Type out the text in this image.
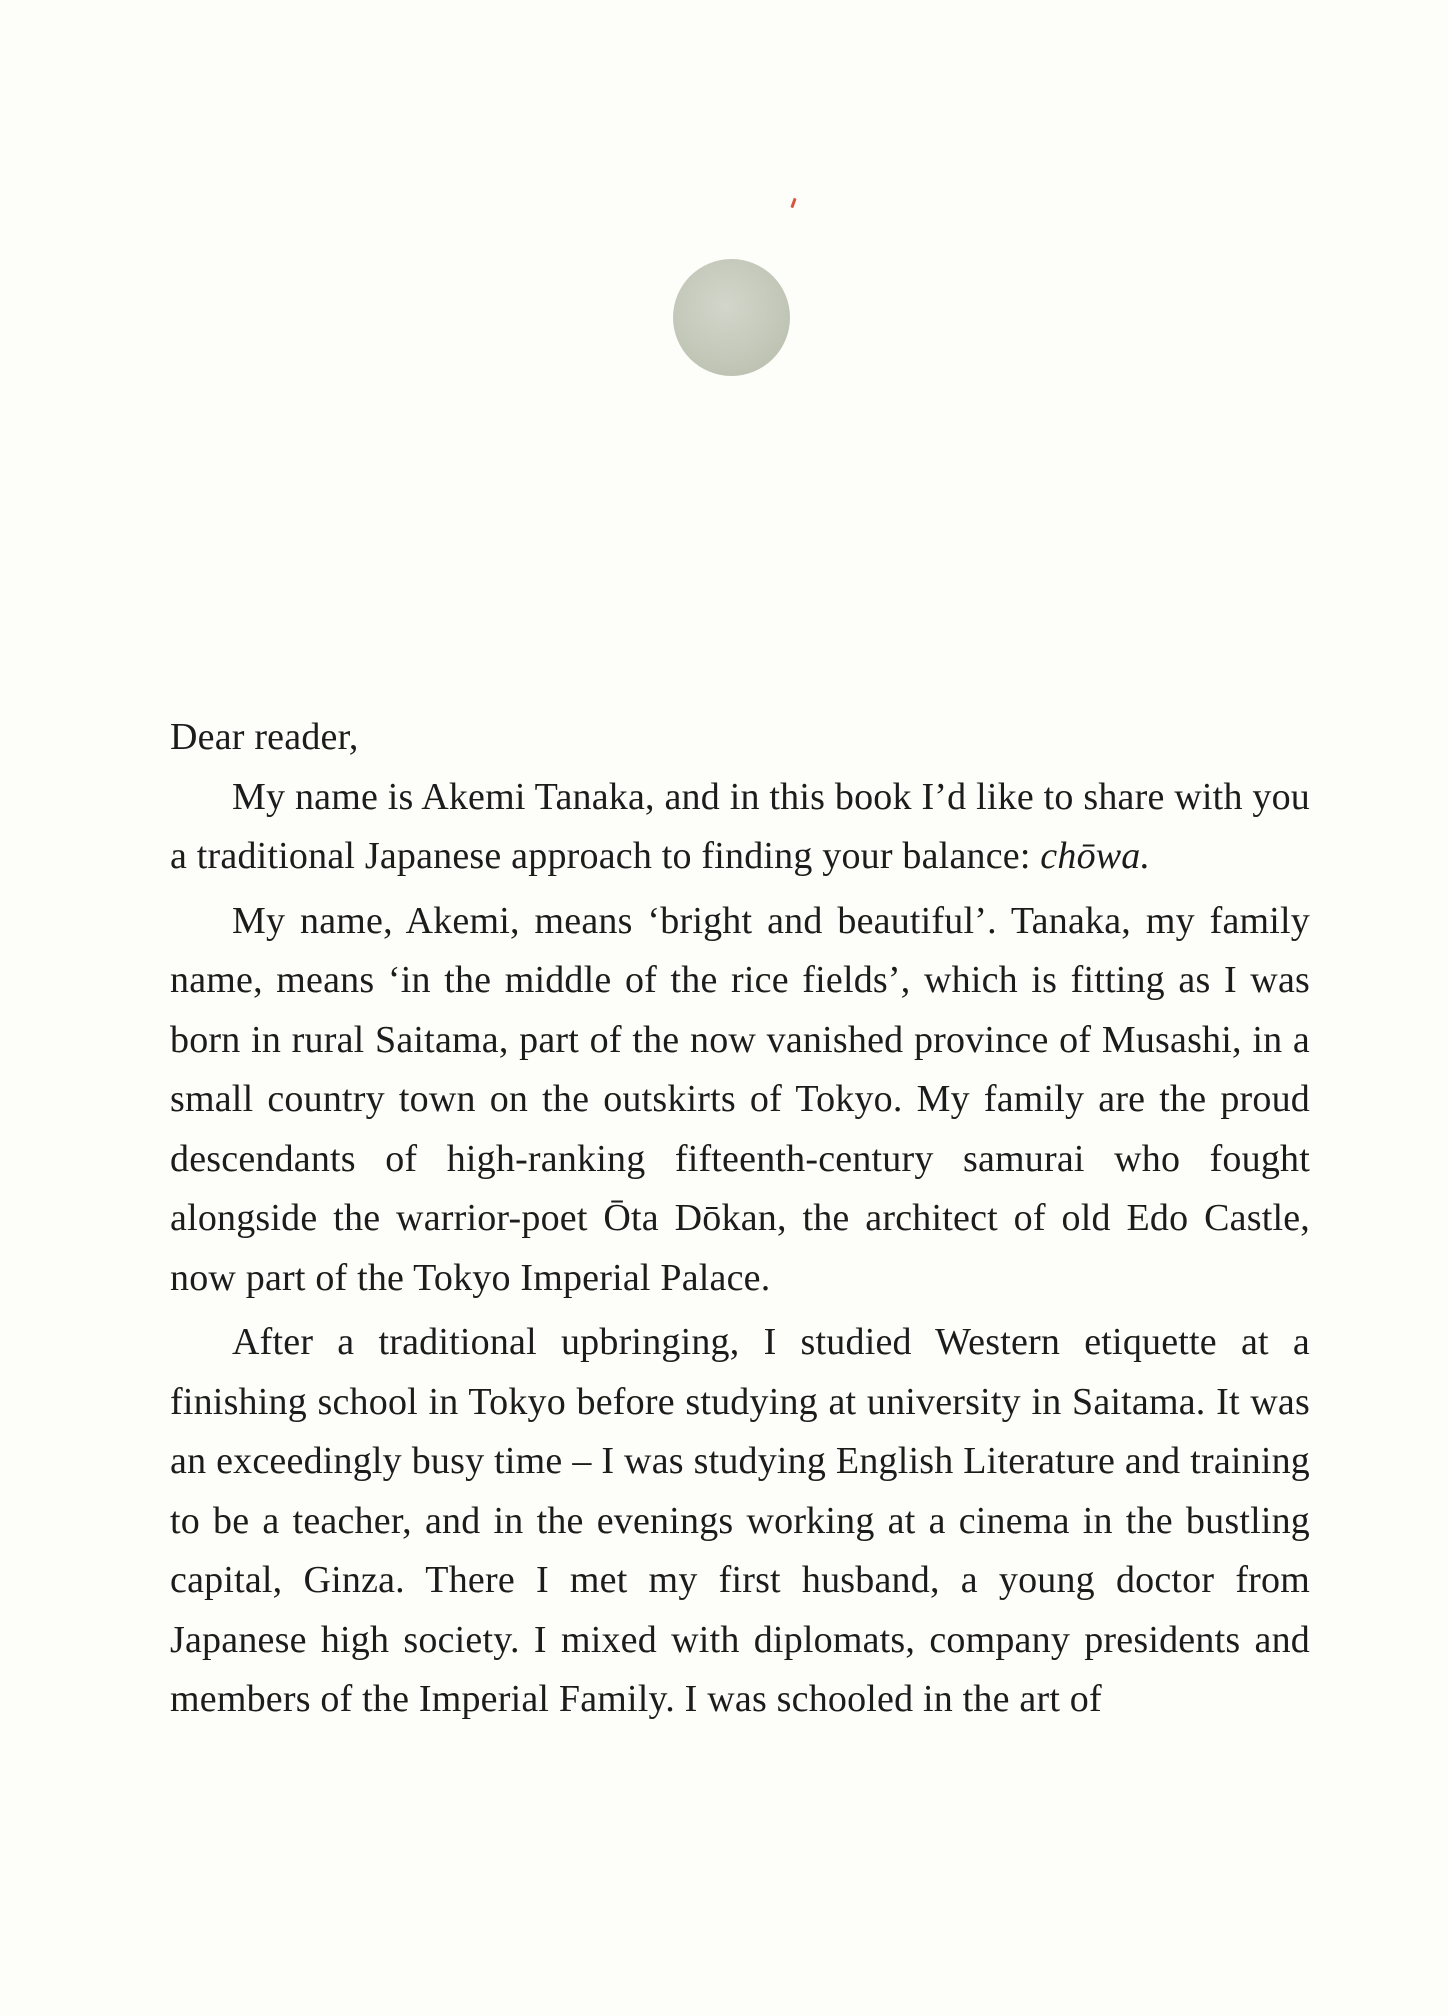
Dear reader,

My name is Akemi Tanaka, and in this book I’d like to share with you a traditional Japanese approach to finding your balance: chōwa.

My name, Akemi, means ‘bright and beautiful’. Tanaka, my family name, means ‘in the middle of the rice fields’, which is fitting as I was born in rural Saitama, part of the now vanished province of Musashi, in a small country town on the outskirts of Tokyo. My family are the proud descendants of high-ranking fifteenth-century samurai who fought alongside the warrior-poet Ōta Dōkan, the architect of old Edo Castle, now part of the Tokyo Imperial Palace.

After a traditional upbringing, I studied Western etiquette at a finishing school in Tokyo before studying at university in Saitama. It was an exceedingly busy time – I was studying English Literature and training to be a teacher, and in the evenings working at a cinema in the bustling capital, Ginza. There I met my first husband, a young doctor from Japanese high society. I mixed with diplomats, company presidents and members of the Imperial Family. I was schooled in the art of
